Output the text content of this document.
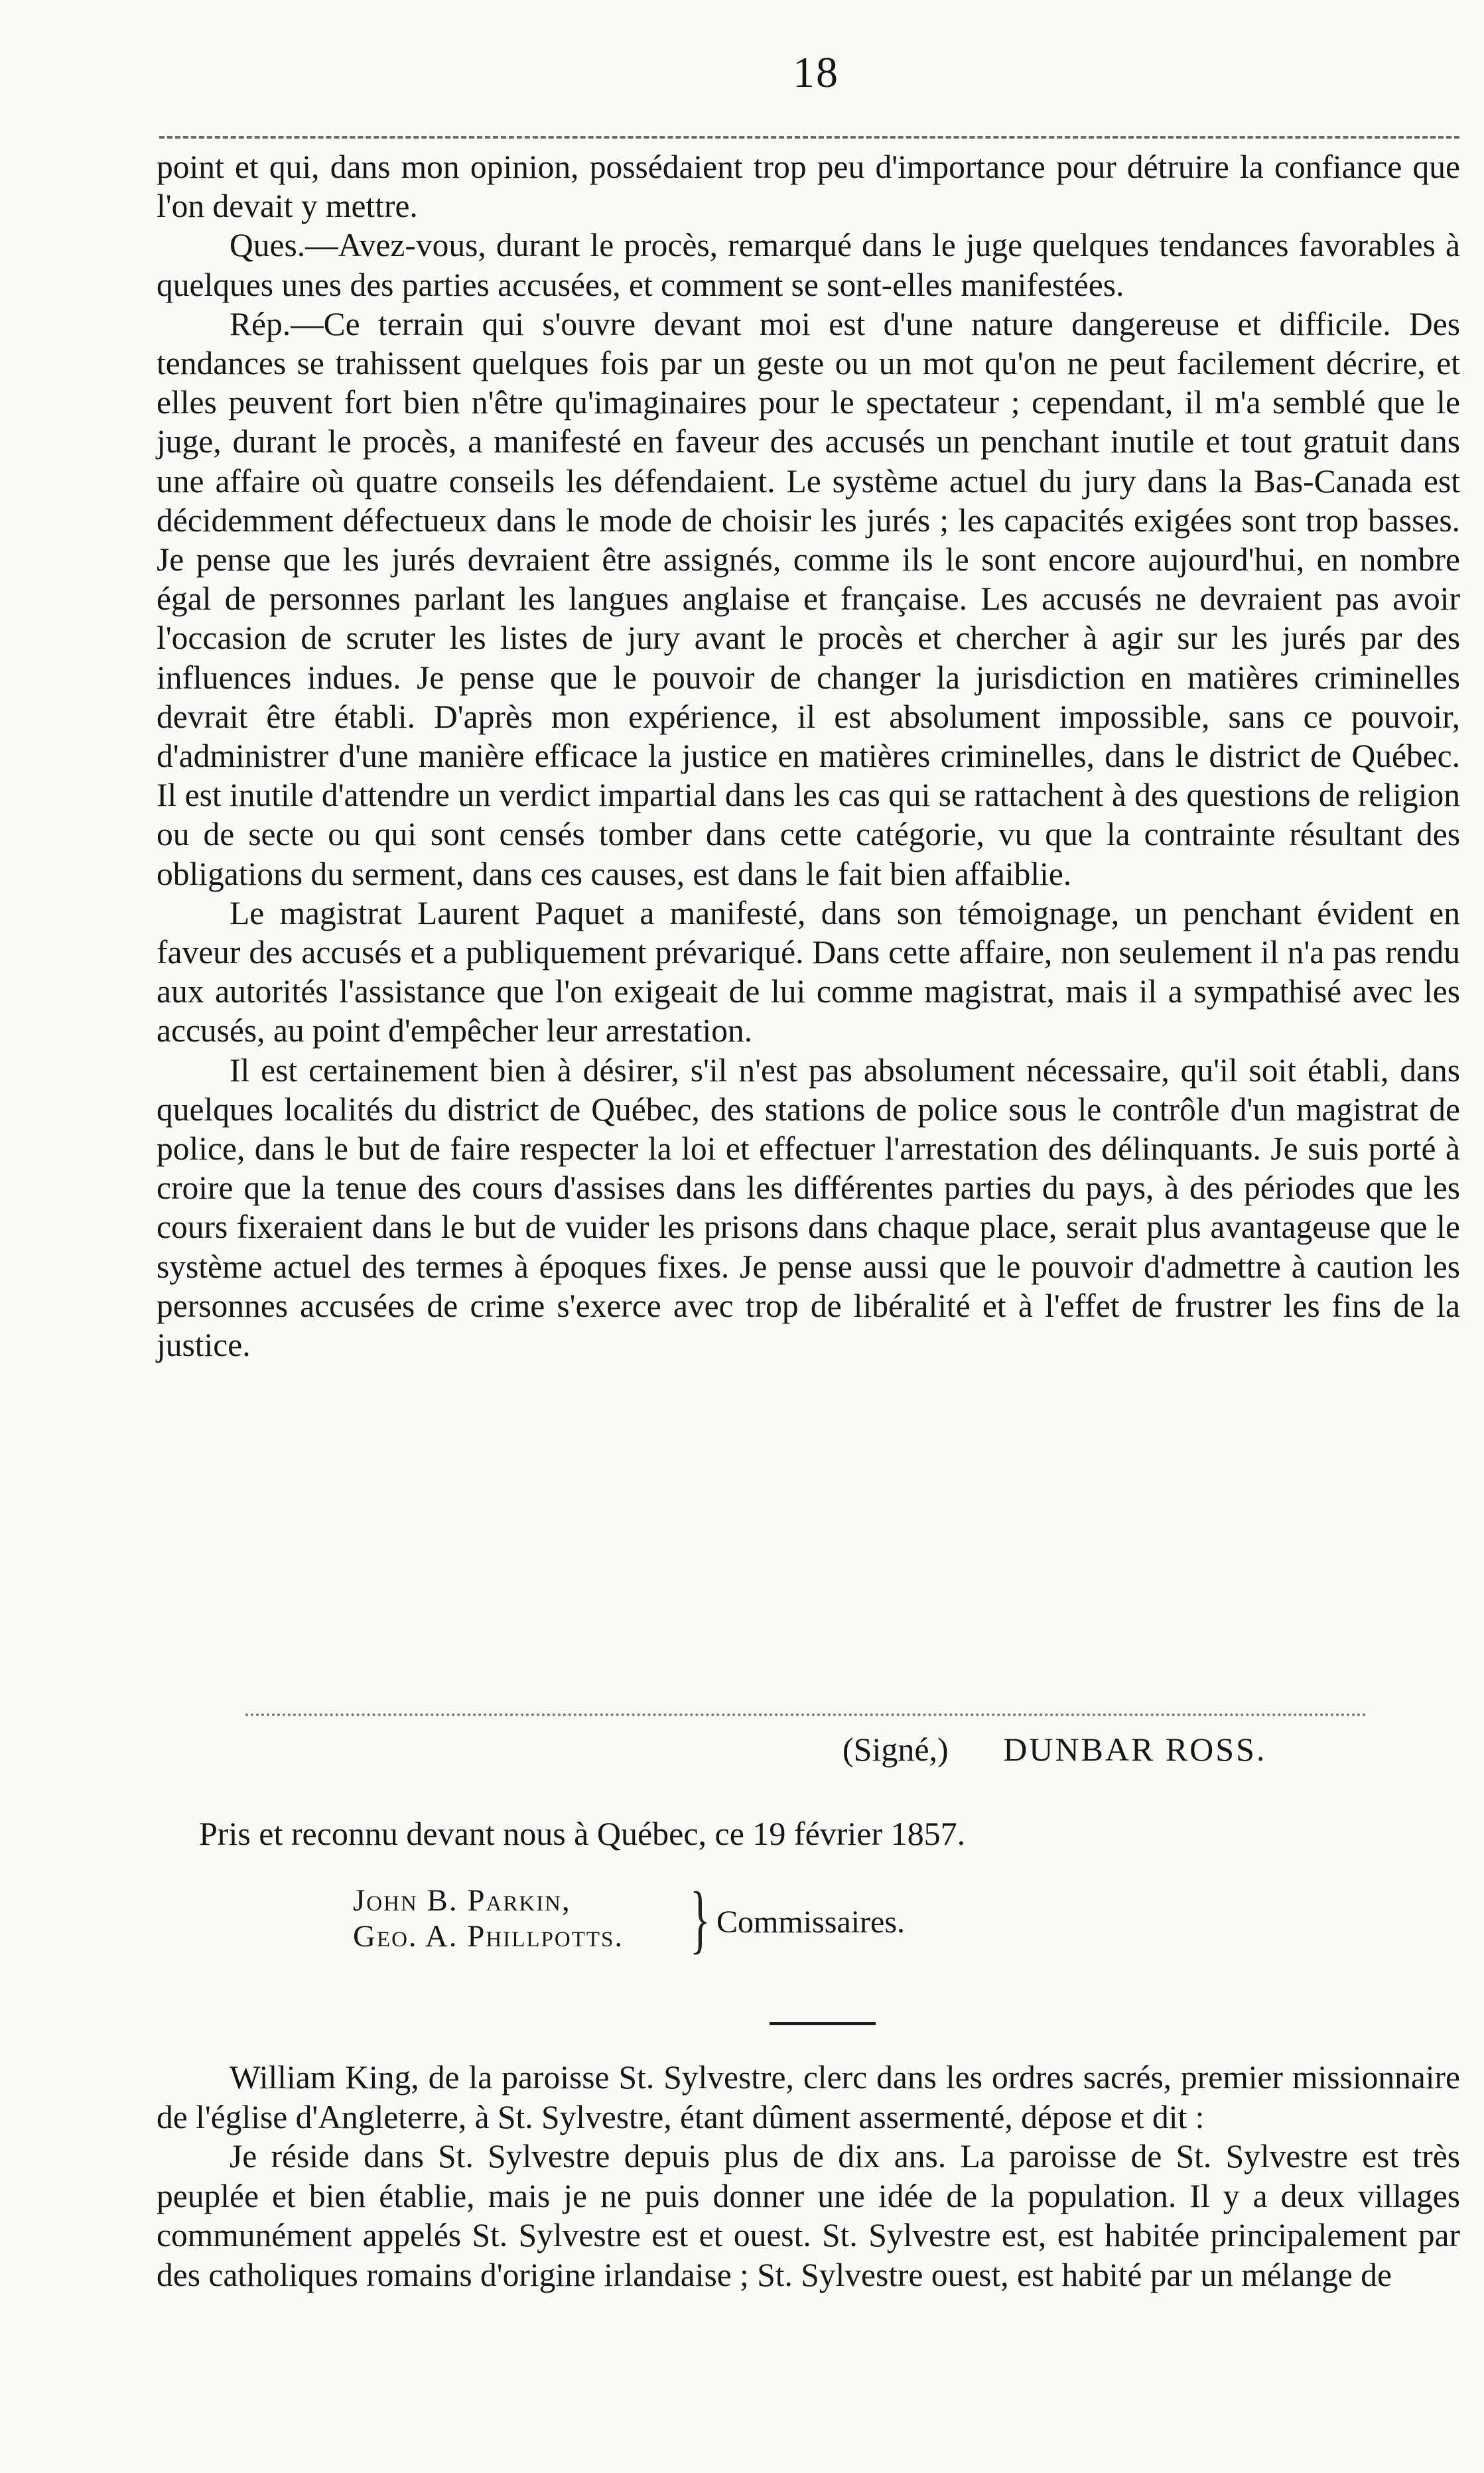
18

point et qui, dans mon opinion, possédaient trop peu d'importance pour détruire la confiance que l'on devait y mettre.

Ques.—Avez-vous, durant le procès, remarqué dans le juge quelques tendances favorables à quelques unes des parties accusées, et comment se sont-elles manifestées.

Rép.—Ce terrain qui s'ouvre devant moi est d'une nature dangereuse et difficile. Des tendances se trahissent quelques fois par un geste ou un mot qu'on ne peut facilement décrire, et elles peuvent fort bien n'être qu'imaginaires pour le spectateur ; cependant, il m'a semblé que le juge, durant le procès, a manifesté en faveur des accusés un penchant inutile et tout gratuit dans une affaire où quatre conseils les défendaient. Le système actuel du jury dans la Bas-Canada est décidemment défectueux dans le mode de choisir les jurés ; les capacités exigées sont trop basses. Je pense que les jurés devraient être assignés, comme ils le sont encore aujourd'hui, en nombre égal de personnes parlant les langues anglaise et française. Les accusés ne devraient pas avoir l'occasion de scruter les listes de jury avant le procès et chercher à agir sur les jurés par des influences indues. Je pense que le pouvoir de changer la jurisdiction en matières criminelles devrait être établi. D'après mon expérience, il est absolument impossible, sans ce pouvoir, d'administrer d'une manière efficace la justice en matières criminelles, dans le district de Québec. Il est inutile d'attendre un verdict impartial dans les cas qui se rattachent à des questions de religion ou de secte ou qui sont censés tomber dans cette catégorie, vu que la contrainte résultant des obligations du serment, dans ces causes, est dans le fait bien affaiblie.

Le magistrat Laurent Paquet a manifesté, dans son témoignage, un penchant évident en faveur des accusés et a publiquement prévariqué. Dans cette affaire, non seulement il n'a pas rendu aux autorités l'assistance que l'on exigeait de lui comme magistrat, mais il a sympathisé avec les accusés, au point d'empêcher leur arrestation.

Il est certainement bien à désirer, s'il n'est pas absolument nécessaire, qu'il soit établi, dans quelques localités du district de Québec, des stations de police sous le contrôle d'un magistrat de police, dans le but de faire respecter la loi et effectuer l'arrestation des délinquants. Je suis porté à croire que la tenue des cours d'assises dans les différentes parties du pays, à des périodes que les cours fixeraient dans le but de vuider les prisons dans chaque place, serait plus avantageuse que le système actuel des termes à époques fixes. Je pense aussi que le pouvoir d'admettre à caution les personnes accusées de crime s'exerce avec trop de libéralité et à l'effet de frustrer les fins de la justice.

(Signé,) DUNBAR ROSS.
Pris et reconnu devant nous à Québec, ce 19 février 1857.
John B. Parkin,
Geo. A. Phillpotts. } Commissaires.

William King, de la paroisse St. Sylvestre, clerc dans les ordres sacrés, premier missionnaire de l'église d'Angleterre, à St. Sylvestre, étant dûment assermenté, dépose et dit :

Je réside dans St. Sylvestre depuis plus de dix ans. La paroisse de St. Sylvestre est très peuplée et bien établie, mais je ne puis donner une idée de la population. Il y a deux villages communément appelés St. Sylvestre est et ouest. St. Sylvestre est, est habitée principalement par des catholiques romains d'origine irlandaise ; St. Sylvestre ouest, est habité par un mélange de
